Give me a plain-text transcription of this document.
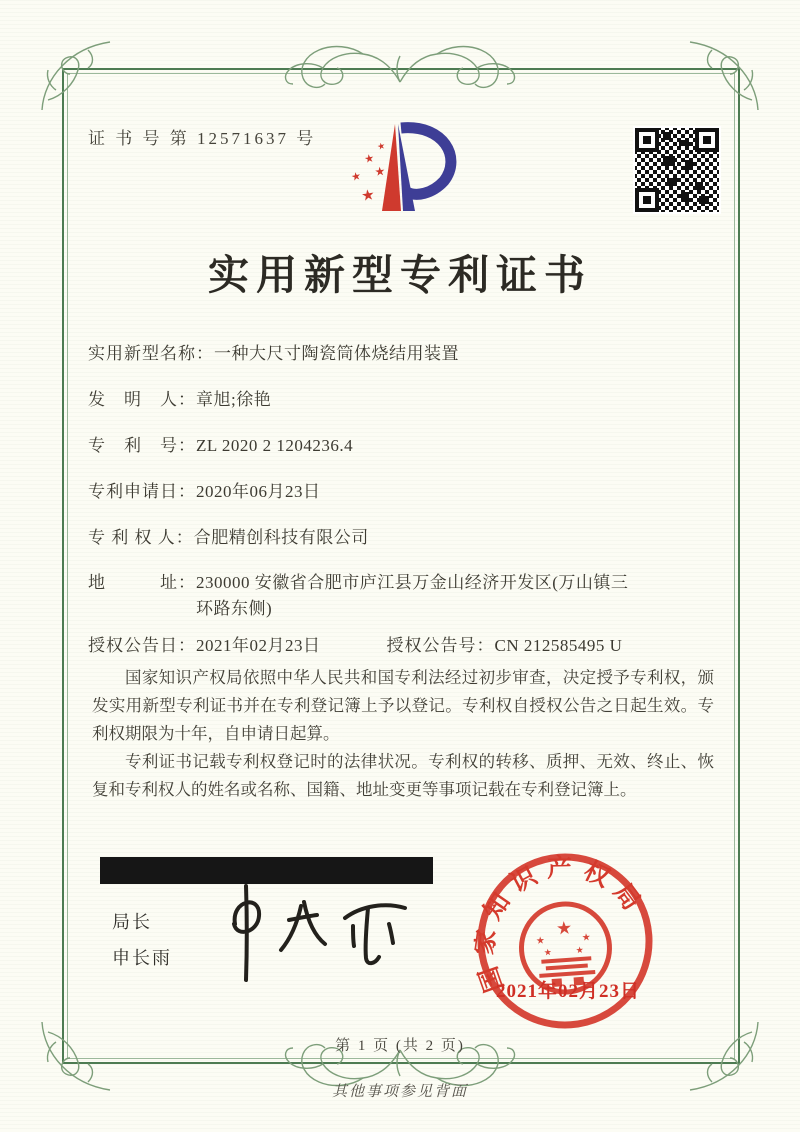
证 书 号 第 12571637 号	★
★
★
★
★
实用新型专利证书
实用新型名称： 一种大尺寸陶瓷筒体烧结用装置
发　明　人： 章旭;徐艳
专　利　号： ZL 2020 2 1204236.4
专利申请日： 2020年06月23日
专 利 权 人： 合肥精创科技有限公司
地　　　址： 230000 安徽省合肥市庐江县万金山经济开发区(万山镇三环路东侧)
授权公告日： 2021年02月23日	授权公告号： CN 212585495 U

国家知识产权局依照中华人民共和国专利法经过初步审查，决定授予专利权，颁发实用新型专利证书并在专利登记簿上予以登记。专利权自授权公告之日起生效。专利权期限为十年，自申请日起算。

专利证书记载专利权登记时的法律状况。专利权的转移、质押、无效、终止、恢复和专利权人的姓名或名称、国籍、地址变更等事项记载在专利登记簿上。

局长
申长雨	国家知识产权局
★
★	★
★	★
2021年02月23日
第 1 页 (共 2 页)
其他事项参见背面
